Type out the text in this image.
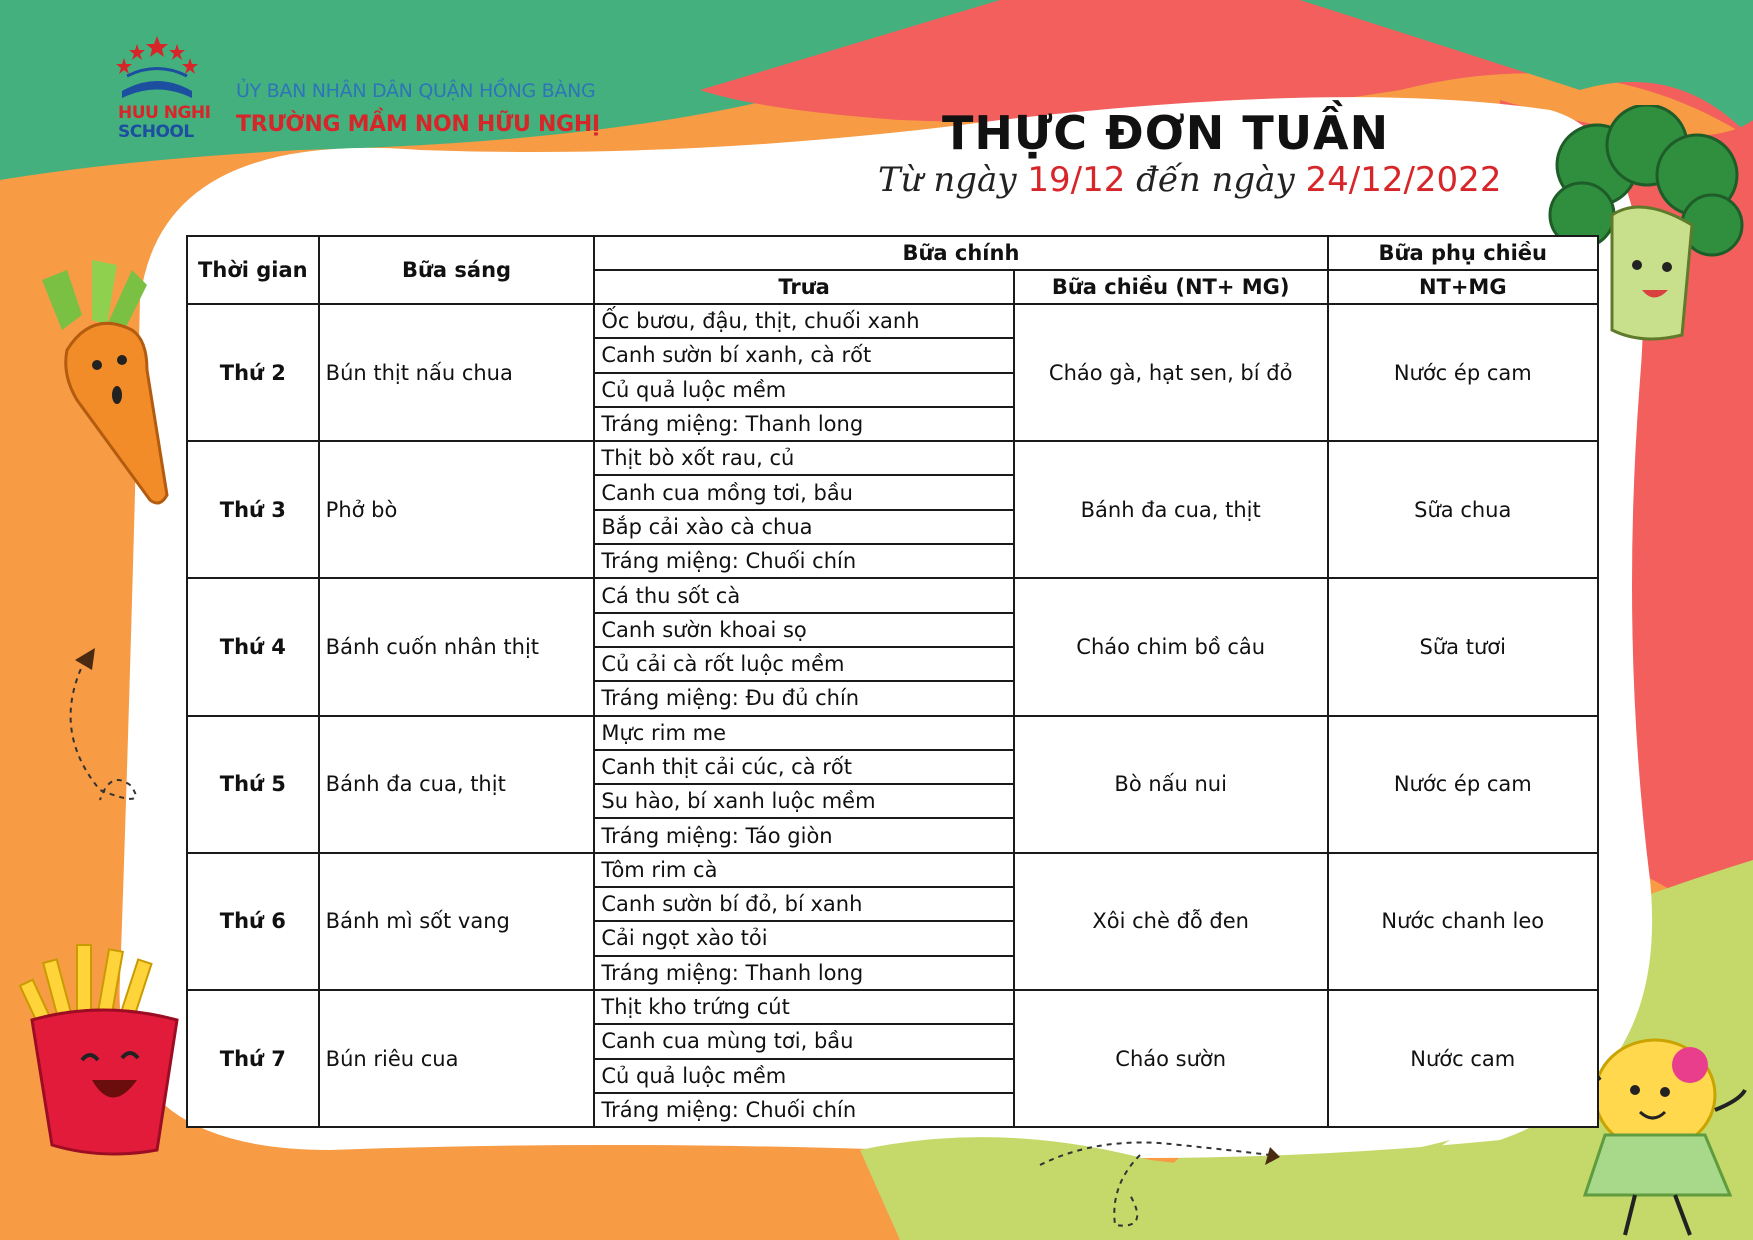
HUU NGHI
SCHOOL
ỦY BAN NHÂN DÂN QUẬN HỒNG BÀNG
TRƯỜNG MẦM NON HỮU NGHỊ	THỰC ĐƠN TUẦN
Từ ngày 19/12 đến ngày 24/12/2022
Thời gian	Bữa sáng	Bữa chính		Bữa phụ chiều
		Trưa	Bữa chiều (NT+ MG)	NT+MG
Thứ 2	Bún thịt nấu chua	Ốc bươu, đậu, thịt, chuối xanh	Cháo gà, hạt sen, bí đỏ	Nước ép cam
		Canh sườn bí xanh, cà rốt		
		Củ quả luộc mềm		
		Tráng miệng: Thanh long		
Thứ 3	Phở bò	Thịt bò xốt rau, củ	Bánh đa cua, thịt	Sữa chua
		Canh cua mồng tơi, bầu		
		Bắp cải xào cà chua		
		Tráng miệng: Chuối chín		
Thứ 4	Bánh cuốn nhân thịt	Cá thu sốt cà	Cháo chim bồ câu	Sữa tươi
		Canh sườn khoai sọ		
		Củ cải cà rốt luộc mềm		
		Tráng miệng: Đu đủ chín		
Thứ 5	Bánh đa cua, thịt	Mực rim me	Bò nấu nui	Nước ép cam
		Canh thịt cải cúc, cà rốt		
		Su hào, bí xanh luộc mềm		
		Tráng miệng: Táo giòn		
Thứ 6	Bánh mì sốt vang	Tôm rim cà	Xôi chè đỗ đen	Nước chanh leo
		Canh sườn bí đỏ, bí xanh		
		Cải ngọt xào tỏi		
		Tráng miệng: Thanh long		
Thứ 7	Bún riêu cua	Thịt kho trứng cút	Cháo sườn	Nước cam
		Canh cua mùng tơi, bầu		
		Củ quả luộc mềm		
		Tráng miệng: Chuối chín		
